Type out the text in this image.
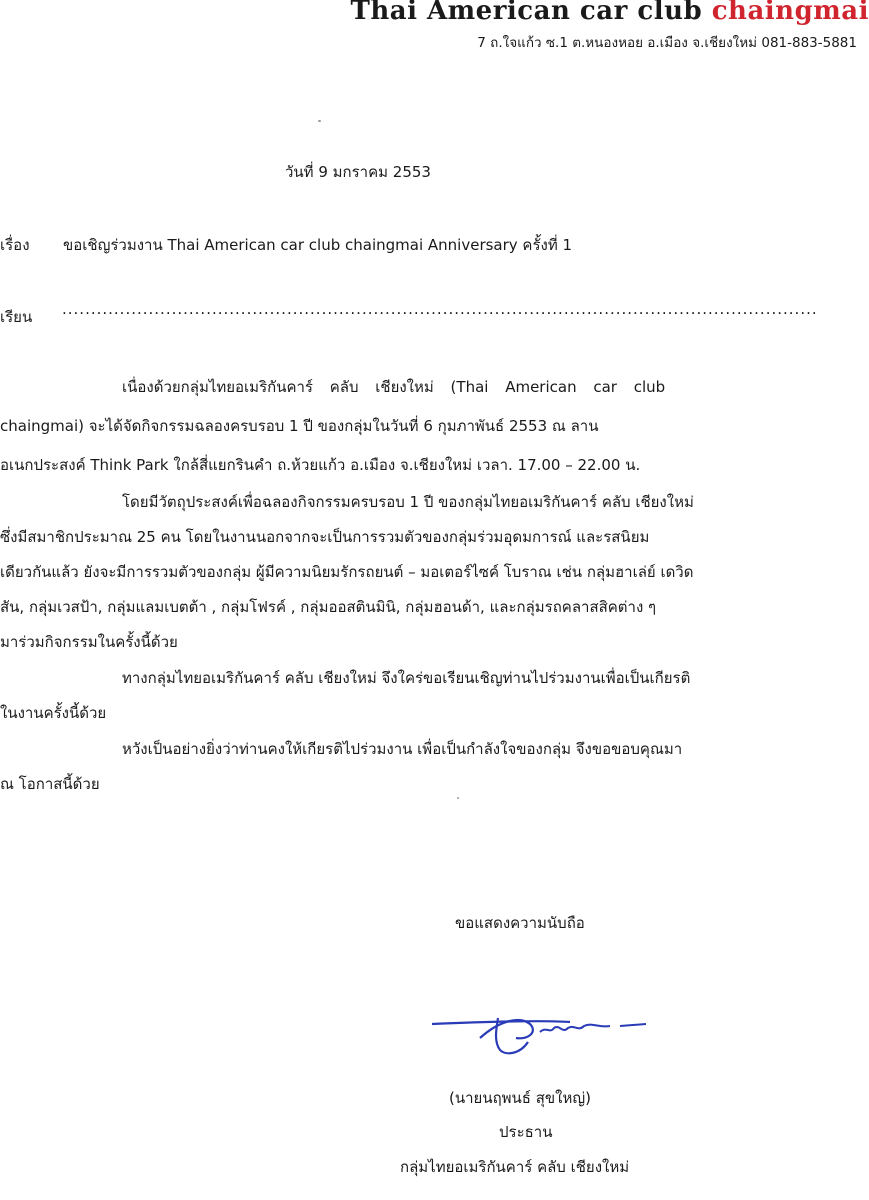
Thai American car club chaingmai
7 ถ.ใจแก้ว ซ.1 ต.หนองหอย อ.เมือง จ.เชียงใหม่ 081-883-5881
วันที่ 9 มกราคม 2553
เรื่อง ขอเชิญร่วมงาน Thai American car club chaingmai Anniversary ครั้งที่ 1
เรียน ...................................................................................................................................
เนื่องด้วยกลุ่มไทยอเมริกันคาร์ คลับ เชียงใหม่ (Thai American car club
chaingmai) จะได้จัดกิจกรรมฉลองครบรอบ 1 ปี ของกลุ่มในวันที่ 6 กุมภาพันธ์ 2553 ณ ลาน
อเนกประสงค์ Think Park ใกล้สี่แยกรินคำ ถ.ห้วยแก้ว อ.เมือง จ.เชียงใหม่ เวลา. 17.00 – 22.00 น.
โดยมีวัตถุประสงค์เพื่อฉลองกิจกรรมครบรอบ 1 ปี ของกลุ่มไทยอเมริกันคาร์ คลับ เชียงใหม่
ซึ่งมีสมาชิกประมาณ 25 คน โดยในงานนอกจากจะเป็นการรวมตัวของกลุ่มร่วมอุดมการณ์ และรสนิยม
เดียวกันแล้ว ยังจะมีการรวมตัวของกลุ่ม ผู้มีความนิยมรักรถยนต์ – มอเตอร์ไซค์ โบราณ เช่น กลุ่มฮาเล่ย์ เดวิด
สัน, กลุ่มเวสป้า, กลุ่มแลมเบตต้า , กลุ่มโฟรค์ , กลุ่มออสตินมินิ, กลุ่มฮอนด้า, และกลุ่มรถคลาสสิคต่าง ๆ
มาร่วมกิจกรรมในครั้งนี้ด้วย
ทางกลุ่มไทยอเมริกันคาร์ คลับ เชียงใหม่ จึงใคร่ขอเรียนเชิญท่านไปร่วมงานเพื่อเป็นเกียรติ
ในงานครั้งนี้ด้วย
หวังเป็นอย่างยิ่งว่าท่านคงให้เกียรติไปร่วมงาน เพื่อเป็นกำลังใจของกลุ่ม จึงขอขอบคุณมา
ณ โอกาสนี้ด้วย
ขอแสดงความนับถือ
(นายนฤพนธ์ สุขใหญ่)
ประธาน
กลุ่มไทยอเมริกันคาร์ คลับ เชียงใหม่
